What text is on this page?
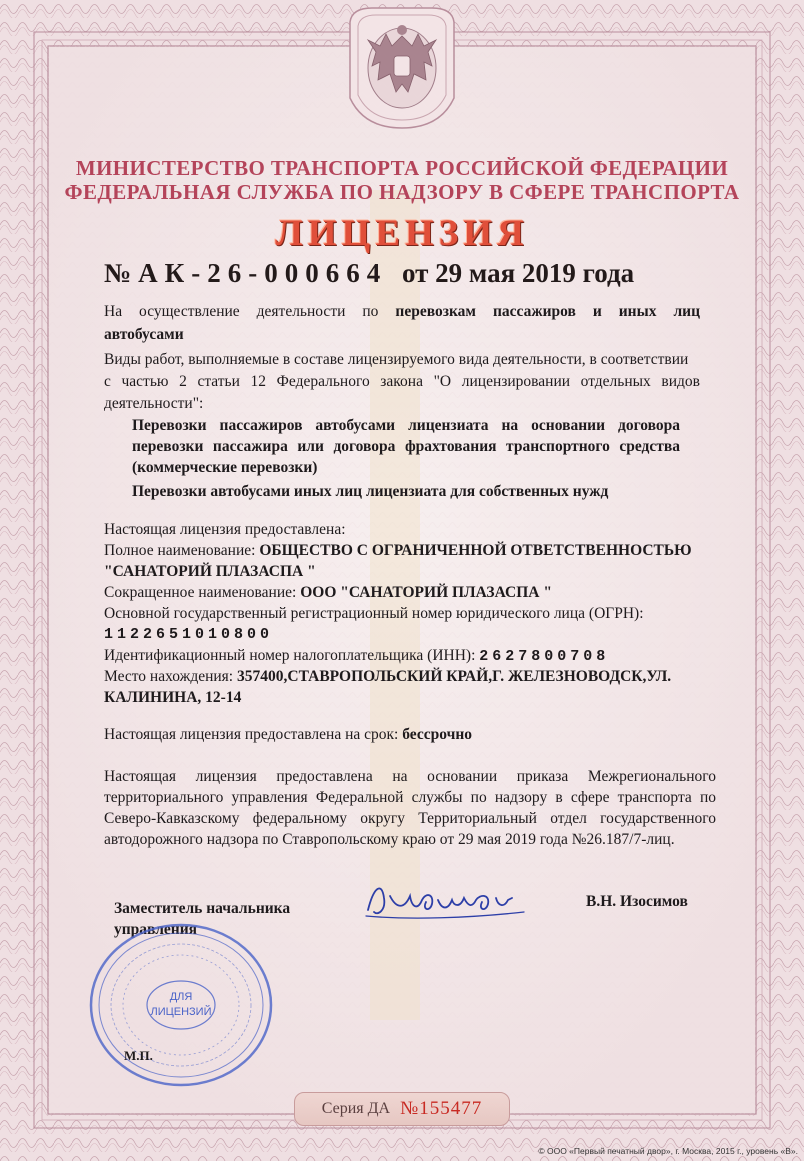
МИНИСТЕРСТВО ТРАНСПОРТА РОССИЙСКОЙ ФЕДЕРАЦИИ
ФЕДЕРАЛЬНАЯ СЛУЖБА ПО НАДЗОРУ В СФЕРЕ ТРАНСПОРТА
ЛИЦЕНЗИЯ
№АК-26-000664 от 29 мая 2019 года
На осуществление деятельности по перевозкам пассажиров и иных лиц
автобусами
Виды работ, выполняемые в составе лицензируемого вида деятельности, в соответствии
с частью 2 статьи 12 Федерального закона "О лицензировании отдельных видов
деятельности":
Перевозки пассажиров автобусами лицензиата на основании договора
перевозки пассажира или договора фрахтования транспортного средства
(коммерческие перевозки)
Перевозки автобусами иных лиц лицензиата для собственных нужд
Настоящая лицензия предоставлена:
Полное наименование: ОБЩЕСТВО С ОГРАНИЧЕННОЙ ОТВЕТСТВЕННОСТЬЮ
"САНАТОРИЙ ПЛАЗАСПА "
Сокращенное наименование: ООО "САНАТОРИЙ ПЛАЗАСПА "
Основной государственный регистрационный номер юридического лица (ОГРН):
1122651010800
Идентификационный номер налогоплательщика (ИНН): 2627800708
Место нахождения: 357400,СТАВРОПОЛЬСКИЙ КРАЙ,Г. ЖЕЛЕЗНОВОДСК,УЛ.
КАЛИНИНА, 12-14
Настоящая лицензия предоставлена на срок: бессрочно
Настоящая лицензия предоставлена на основании приказа Межрегионального
территориального управления Федеральной службы по надзору в сфере транспорта по
Северо-Кавказскому федеральному округу Территориальный отдел государственного
автодорожного надзора по Ставропольскому краю от 29 мая 2019 года №26.187/7-лиц.
Заместитель начальника
управления
В.Н. Изосимов
ДЛЯ
ЛИЦЕНЗИЙ
М.П.
Серия ДА №155477
© ООО «Первый печатный двор», г. Москва, 2015 г., уровень «В».
